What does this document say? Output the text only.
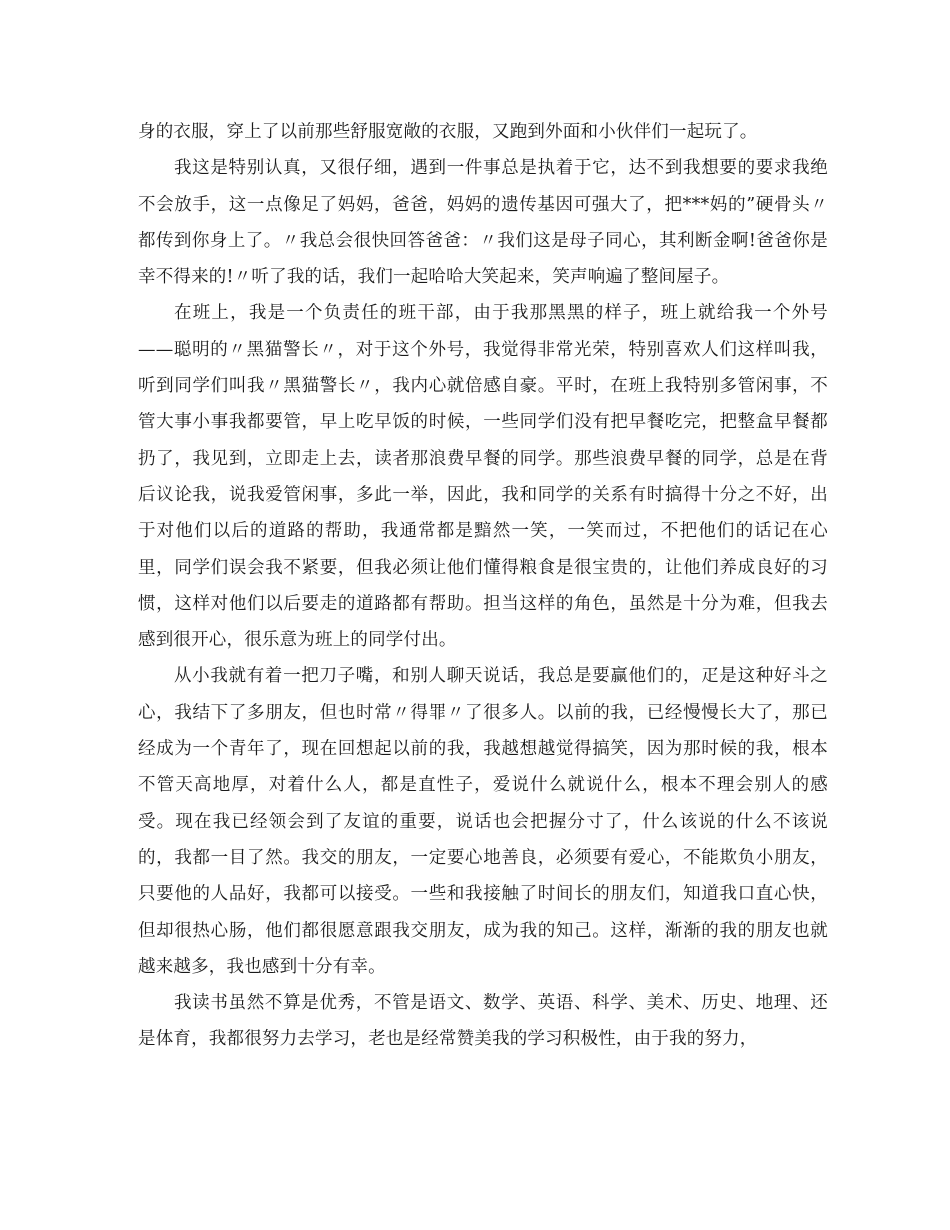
身的衣服，穿上了以前那些舒服宽敞的衣服，又跑到外面和小伙伴们一起玩了。

我这是特别认真，又很仔细，遇到一件事总是执着于它，达不到我想要的要求我绝不会放手，这一点像足了妈妈，爸爸，妈妈的遗传基因可强大了，把***妈的”硬骨头〃都传到你身上了。〃我总会很快回答爸爸：〃我们这是母子同心，其利断金啊!爸爸你是幸不得来的!〃听了我的话，我们一起哈哈大笑起来，笑声响遍了整间屋子。

在班上，我是一个负责任的班干部，由于我那黑黑的样子，班上就给我一个外号——聪明的〃黑猫警长〃，对于这个外号，我觉得非常光荣，特别喜欢人们这样叫我，听到同学们叫我〃黑猫警长〃，我内心就倍感自豪。平时，在班上我特别多管闲事，不管大事小事我都要管，早上吃早饭的时候，一些同学们没有把早餐吃完，把整盒早餐都扔了，我见到，立即走上去，读者那浪费早餐的同学。那些浪费早餐的同学，总是在背后议论我，说我爱管闲事，多此一举，因此，我和同学的关系有时搞得十分之不好，出于对他们以后的道路的帮助，我通常都是黯然一笑，一笑而过，不把他们的话记在心里，同学们误会我不紧要，但我必须让他们懂得粮食是很宝贵的，让他们养成良好的习惯，这样对他们以后要走的道路都有帮助。担当这样的角色，虽然是十分为难，但我去感到很开心，很乐意为班上的同学付出。

从小我就有着一把刀子嘴，和别人聊天说话，我总是要赢他们的，疋是这种好斗之心，我结下了多朋友，但也时常〃得罪〃了很多人。以前的我，已经慢慢长大了，那已经成为一个青年了，现在回想起以前的我，我越想越觉得搞笑，因为那时候的我，根本不管天高地厚，对着什么人，都是直性子，爱说什么就说什么，根本不理会别人的感受。现在我已经领会到了友谊的重要，说话也会把握分寸了，什么该说的什么不该说的，我都一目了然。我交的朋友，一定要心地善良，必须要有爱心，不能欺负小朋友，只要他的人品好，我都可以接受。一些和我接触了时间长的朋友们，知道我口直心快，但却很热心肠，他们都很愿意跟我交朋友，成为我的知己。这样，渐渐的我的朋友也就越来越多，我也感到十分有幸。

我读书虽然不算是优秀，不管是语文、数学、英语、科学、美术、历史、地理、还是体育，我都很努力去学习，老也是经常赞美我的学习积极性，由于我的努力，
